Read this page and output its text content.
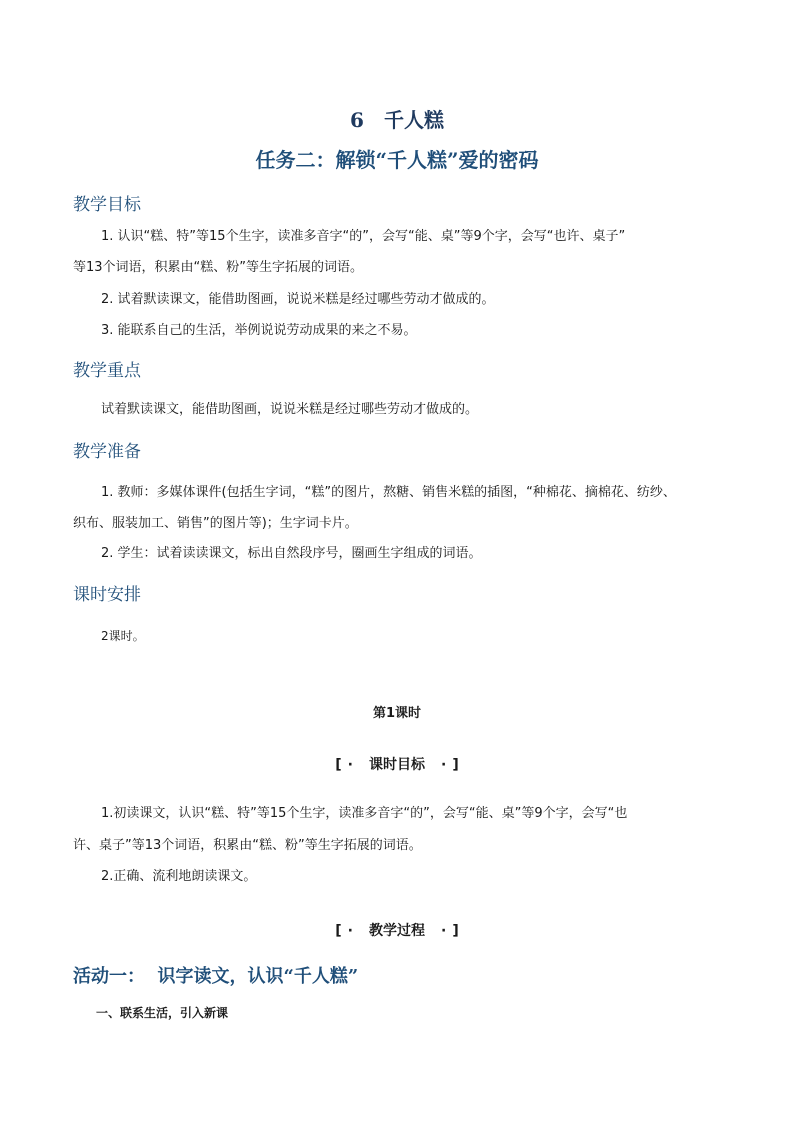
6 千人糕
任务二：解锁“千人糕”爱的密码
教学目标
1. 认识“糕、特”等15个生字，读准多音字“的”，会写“能、桌”等9个字，会写“也许、桌子”
等13个词语，积累由“糕、粉”等生字拓展的词语。
2. 试着默读课文，能借助图画，说说米糕是经过哪些劳动才做成的。
3. 能联系自己的生活，举例说说劳动成果的来之不易。
教学重点
试着默读课文，能借助图画，说说米糕是经过哪些劳动才做成的。
教学准备
1. 教师：多媒体课件(包括生字词，“糕”的图片，熬糖、销售米糕的插图，“种棉花、摘棉花、纺纱、
织布、服装加工、销售”的图片等)；生字词卡片。
2. 学生：试着读读课文，标出自然段序号，圈画生字组成的词语。
课时安排
2课时。
第1课时
[ · 课时目标 · ]
1.初读课文，认识“糕、特”等15个生字，读准多音字“的”，会写“能、桌”等9个字，会写“也
许、桌子”等13个词语，积累由“糕、粉”等生字拓展的词语。
2.正确、流利地朗读课文。
[ · 教学过程 · ]
活动一：  识字读文，认识“千人糕”
一、联系生活，引入新课
